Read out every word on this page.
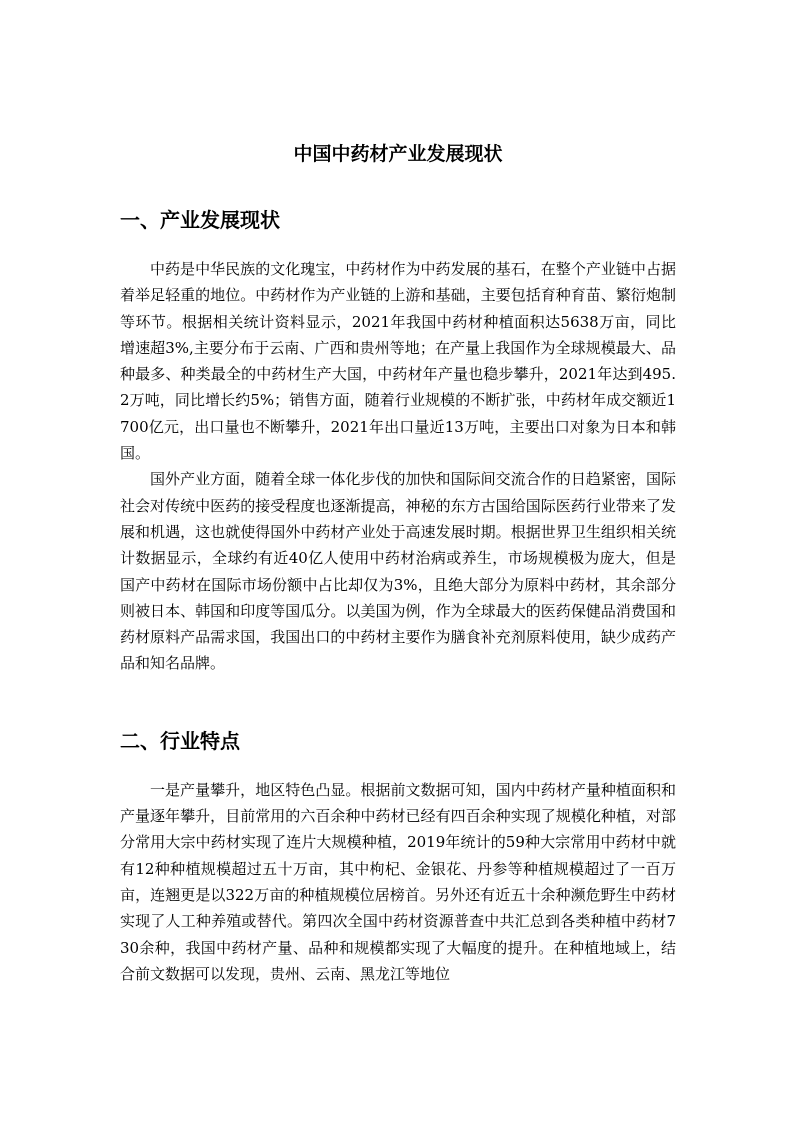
中国中药材产业发展现状
一、产业发展现状

中药是中华民族的文化瑰宝，中药材作为中药发展的基石，在整个产业链中占据着举足轻重的地位。中药材作为产业链的上游和基础，主要包括育种育苗、繁衍炮制等环节。根据相关统计资料显示，2021年我国中药材种植面积达5638万亩，同比增速超3%,主要分布于云南、广西和贵州等地；在产量上我国作为全球规模最大、品种最多、种类最全的中药材生产大国，中药材年产量也稳步攀升，2021年达到495.2万吨，同比增长约5%；销售方面，随着行业规模的不断扩张，中药材年成交额近1700亿元，出口量也不断攀升，2021年出口量近13万吨，主要出口对象为日本和韩国。

国外产业方面，随着全球一体化步伐的加快和国际间交流合作的日趋紧密，国际社会对传统中医药的接受程度也逐渐提高，神秘的东方古国给国际医药行业带来了发展和机遇，这也就使得国外中药材产业处于高速发展时期。根据世界卫生组织相关统计数据显示，全球约有近40亿人使用中药材治病或养生，市场规模极为庞大，但是国产中药材在国际市场份额中占比却仅为3%，且绝大部分为原料中药材，其余部分则被日本、韩国和印度等国瓜分。以美国为例，作为全球最大的医药保健品消费国和药材原料产品需求国，我国出口的中药材主要作为膳食补充剂原料使用，缺少成药产品和知名品牌。

二、行业特点

一是产量攀升，地区特色凸显。根据前文数据可知，国内中药材产量种植面积和产量逐年攀升，目前常用的六百余种中药材已经有四百余种实现了规模化种植，对部分常用大宗中药材实现了连片大规模种植，2019年统计的59种大宗常用中药材中就有12种种植规模超过五十万亩，其中枸杞、金银花、丹参等种植规模超过了一百万亩，连翘更是以322万亩的种植规模位居榜首。另外还有近五十余种濒危野生中药材实现了人工种养殖或替代。第四次全国中药材资源普查中共汇总到各类种植中药材730余种，我国中药材产量、品种和规模都实现了大幅度的提升。在种植地域上，结合前文数据可以发现，贵州、云南、黑龙江等地位
